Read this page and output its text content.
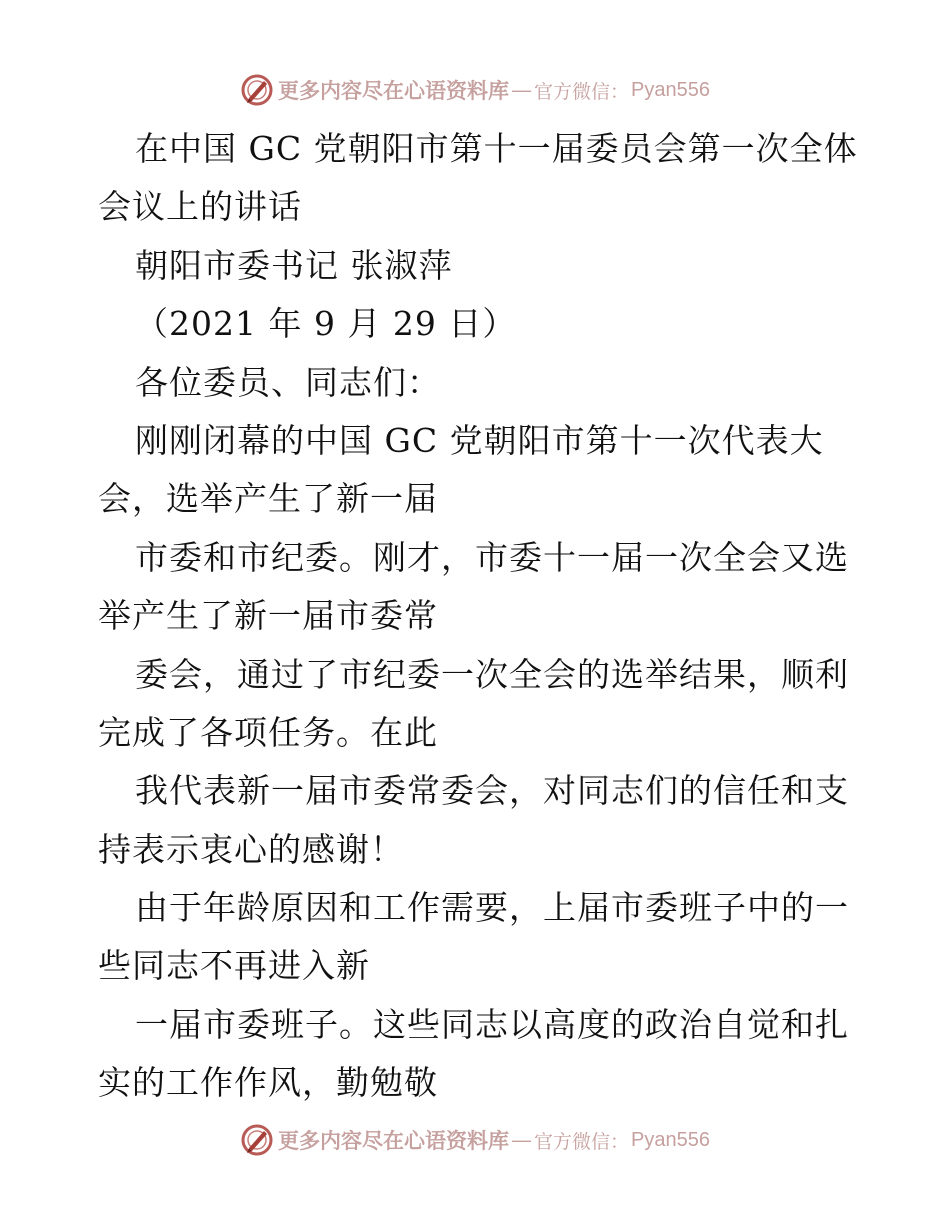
更多内容尽在心语资料库 — 官方微信： Pyan556
在中国 GC 党朝阳市第十一届委员会第一次全体
会议上的讲话
朝阳市委书记 张淑萍
（2021 年 9 月 29 日）
各位委员、同志们：
刚刚闭幕的中国 GC 党朝阳市第十一次代表大
会，选举产生了新一届
市委和市纪委。刚才，市委十一届一次全会又选
举产生了新一届市委常
委会，通过了市纪委一次全会的选举结果，顺利
完成了各项任务。在此
我代表新一届市委常委会，对同志们的信任和支
持表示衷心的感谢！
由于年龄原因和工作需要，上届市委班子中的一
些同志不再进入新
一届市委班子。这些同志以高度的政治自觉和扎
实的工作作风，勤勉敬
更多内容尽在心语资料库 — 官方微信： Pyan556
